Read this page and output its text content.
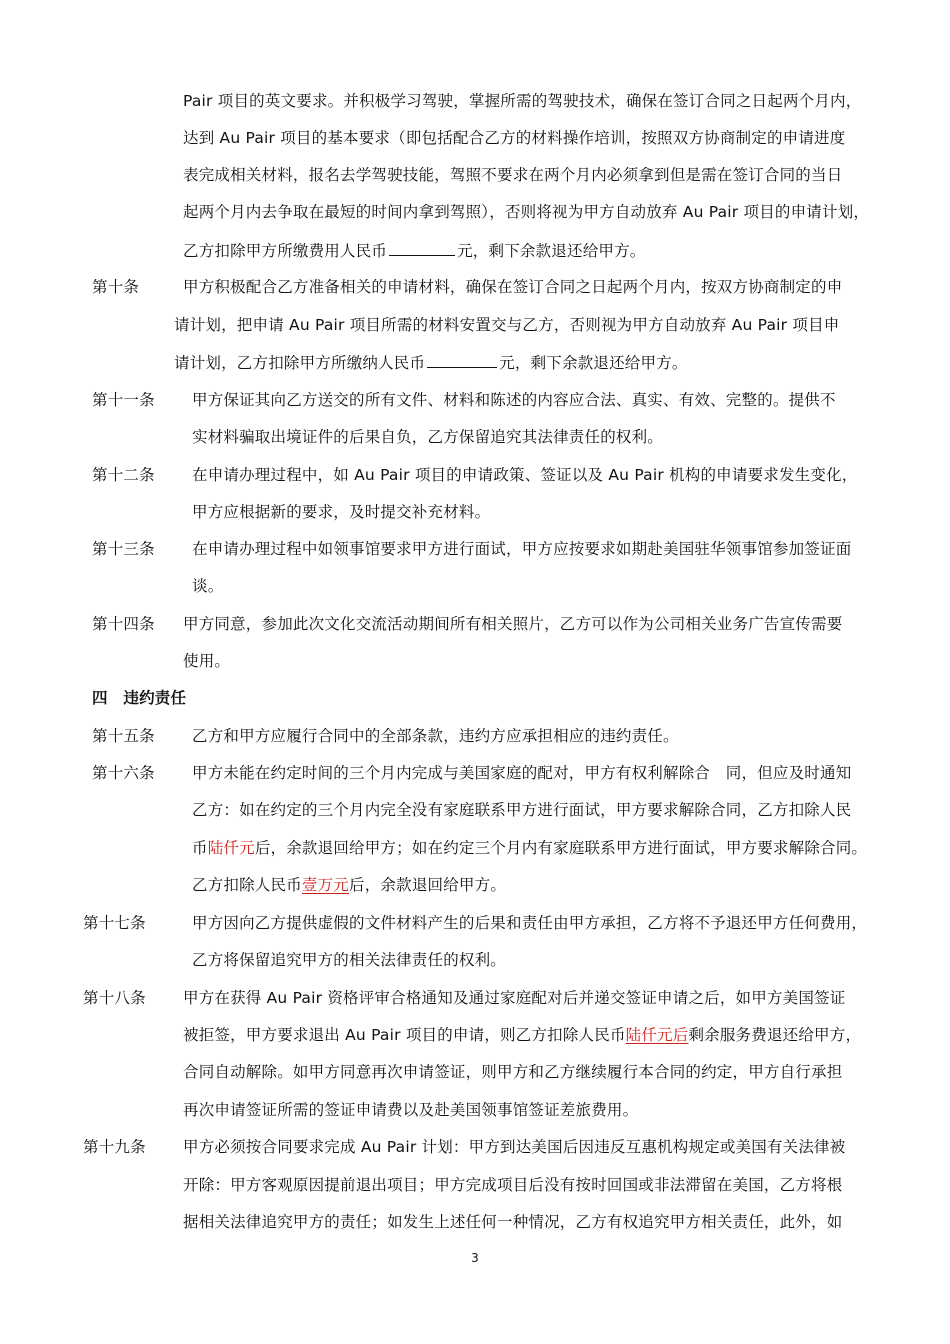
Pair 项目的英文要求。并积极学习驾驶，掌握所需的驾驶技术，确保在签订合同之日起两个月内，
达到 Au Pair 项目的基本要求（即包括配合乙方的材料操作培训，按照双方协商制定的申请进度
表完成相关材料，报名去学驾驶技能，驾照不要求在两个月内必须拿到但是需在签订合同的当日
起两个月内去争取在最短的时间内拿到驾照），否则将视为甲方自动放弃 Au Pair 项目的申请计划，
乙方扣除甲方所缴费用人民币	元，剩下余款退还给甲方。
第十条	甲方积极配合乙方准备相关的申请材料，确保在签订合同之日起两个月内，按双方协商制定的申
请计划，把申请 Au Pair 项目所需的材料安置交与乙方，否则视为甲方自动放弃 Au Pair 项目申
请计划，乙方扣除甲方所缴纳人民币	元，剩下余款退还给甲方。
第十一条 甲方保证其向乙方送交的所有文件、材料和陈述的内容应合法、真实、有效、完整的。提供不
实材料骗取出境证件的后果自负，乙方保留追究其法律责任的权利。
第十二条 在申请办理过程中，如 Au Pair 项目的申请政策、签证以及 Au Pair 机构的申请要求发生变化，
甲方应根据新的要求，及时提交补充材料。
第十三条 在申请办理过程中如领事馆要求甲方进行面试，甲方应按要求如期赴美国驻华领事馆参加签证面
谈。
第十四条 甲方同意，参加此次文化交流活动期间所有相关照片，乙方可以作为公司相关业务广告宣传需要
使用。
四　违约责任
第十五条 乙方和甲方应履行合同中的全部条款，违约方应承担相应的违约责任。
第十六条 甲方未能在约定时间的三个月内完成与美国家庭的配对，甲方有权利解除合　同，但应及时通知
乙方：如在约定的三个月内完全没有家庭联系甲方进行面试，甲方要求解除合同，乙方扣除人民
币陆仟元后，余款退回给甲方；如在约定三个月内有家庭联系甲方进行面试，甲方要求解除合同。
乙方扣除人民币壹万元后，余款退回给甲方。
第十七条	甲方因向乙方提供虚假的文件材料产生的后果和责任由甲方承担，乙方将不予退还甲方任何费用，
乙方将保留追究甲方的相关法律责任的权利。
第十八条 甲方在获得 Au Pair 资格评审合格通知及通过家庭配对后并递交签证申请之后，如甲方美国签证
被拒签，甲方要求退出 Au Pair 项目的申请，则乙方扣除人民币陆仟元后剩余服务费退还给甲方，
合同自动解除。如甲方同意再次申请签证，则甲方和乙方继续履行本合同的约定，甲方自行承担
再次申请签证所需的签证申请费以及赴美国领事馆签证差旅费用。
第十九条 甲方必须按合同要求完成 Au Pair 计划：甲方到达美国后因违反互惠机构规定或美国有关法律被
开除：甲方客观原因提前退出项目；甲方完成项目后没有按时回国或非法滞留在美国，乙方将根
据相关法律追究甲方的责任；如发生上述任何一种情况，乙方有权追究甲方相关责任，此外，如
3
